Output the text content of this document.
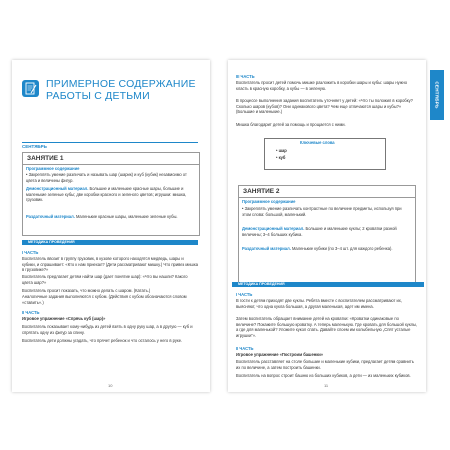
ПРИМЕРНОЕ СОДЕРЖАНИЕ РАБОТЫ С ДЕТЬМИ
СЕНТЯБРЬ
ЗАНЯТИЕ 1

Программное содержание

• Закреплять умение различать и называть шар (шарик) и куб (кубик) независимо от цвета и величины фигур.

Демонстрационный материал. Большие и маленькие красные шары, большие и маленькие зеленые кубы; две коробки красного и зеленого цветов; игрушки: мишка, грузовик.

Раздаточный материал. Маленькие красные шары, маленькие зеленые кубы.

МЕТОДИКА ПРОВЕДЕНИЯ

I ЧАСТЬ

Воспитатель ввозит в группу грузовик, в кузове которого находятся медведь, шары и кубики, и спрашивает: «Кто к нам приехал? (Дети рассматривают мишку.) Что привез мишка в грузовике?»

Воспитатель предлагает детям найти шар (дает понятие шар): «Что вы нашли? Какого цвета шар?»

Воспитатель просит показать, что можно делать с шаром. (Катать.)

Аналогичные задания выполняются с кубом. (Действия с кубом обозначаются словом «ставить».)

II ЧАСТЬ

Игровое упражнение «Спрячь куб (шар)»

Воспитатель показывает кому-нибудь из детей взять в одну руку шар, а в другую — куб и спрятать одну из фигур за спину.

Воспитатель дети должны угадать, что прячет ребенок и что осталось у него в руке.

10

III ЧАСТЬ

Воспитатель просит детей помочь мишке разложить в коробки шары и кубы: шары нужно класть в красную коробку, а кубы — в зеленую.

В процессе выполнения задания воспитатель уточняет у детей: «Что ты положил в коробку? Сколько шаров (кубов)? Они одинакового цвета? Чем еще отличаются шары и кубы?» (Большие и маленькие.)

Мишка благодарит детей за помощь и прощается с ними.

Ключевые слова

• шар

• куб

ЗАНЯТИЕ 2

Программное содержание

• Закреплять умение различать контрастные по величине предметы, используя при этом слова: большой, маленький.

Демонстрационный материал. Большие и маленькие куклы; 2 кроватки разной величины; 3–4 больших кубика.

Раздаточный материал. Маленькие кубики (по 3–4 шт. для каждого ребенка).

МЕТОДИКА ПРОВЕДЕНИЯ

I ЧАСТЬ

В гости к детям приходят две куклы. Ребята вместе с воспитателем рассматривают их, выясняют, что одна кукла большая, а другая маленькая, адет им имена.

Затем воспитатель обращает внимание детей на кроватки: «Кроватки одинаковые по величине? Покажите большую кроватку. А теперь маленькую. Где кровать для большой куклы, а где для маленькой? Уложите кукол спать. Давайте споем им колыбельную „Спят усталые игрушки“».

II ЧАСТЬ

Игровое упражнение «Построим башенки»

Воспитатель расставляет на столе большие и маленькие кубики, предлагает детям сравнить их по величине, а затем построить башенки.

Воспитатель на вопрос строит башню из больших кубиков, а дети — из маленьких кубиков.

11
СЕНТЯБРЬ
